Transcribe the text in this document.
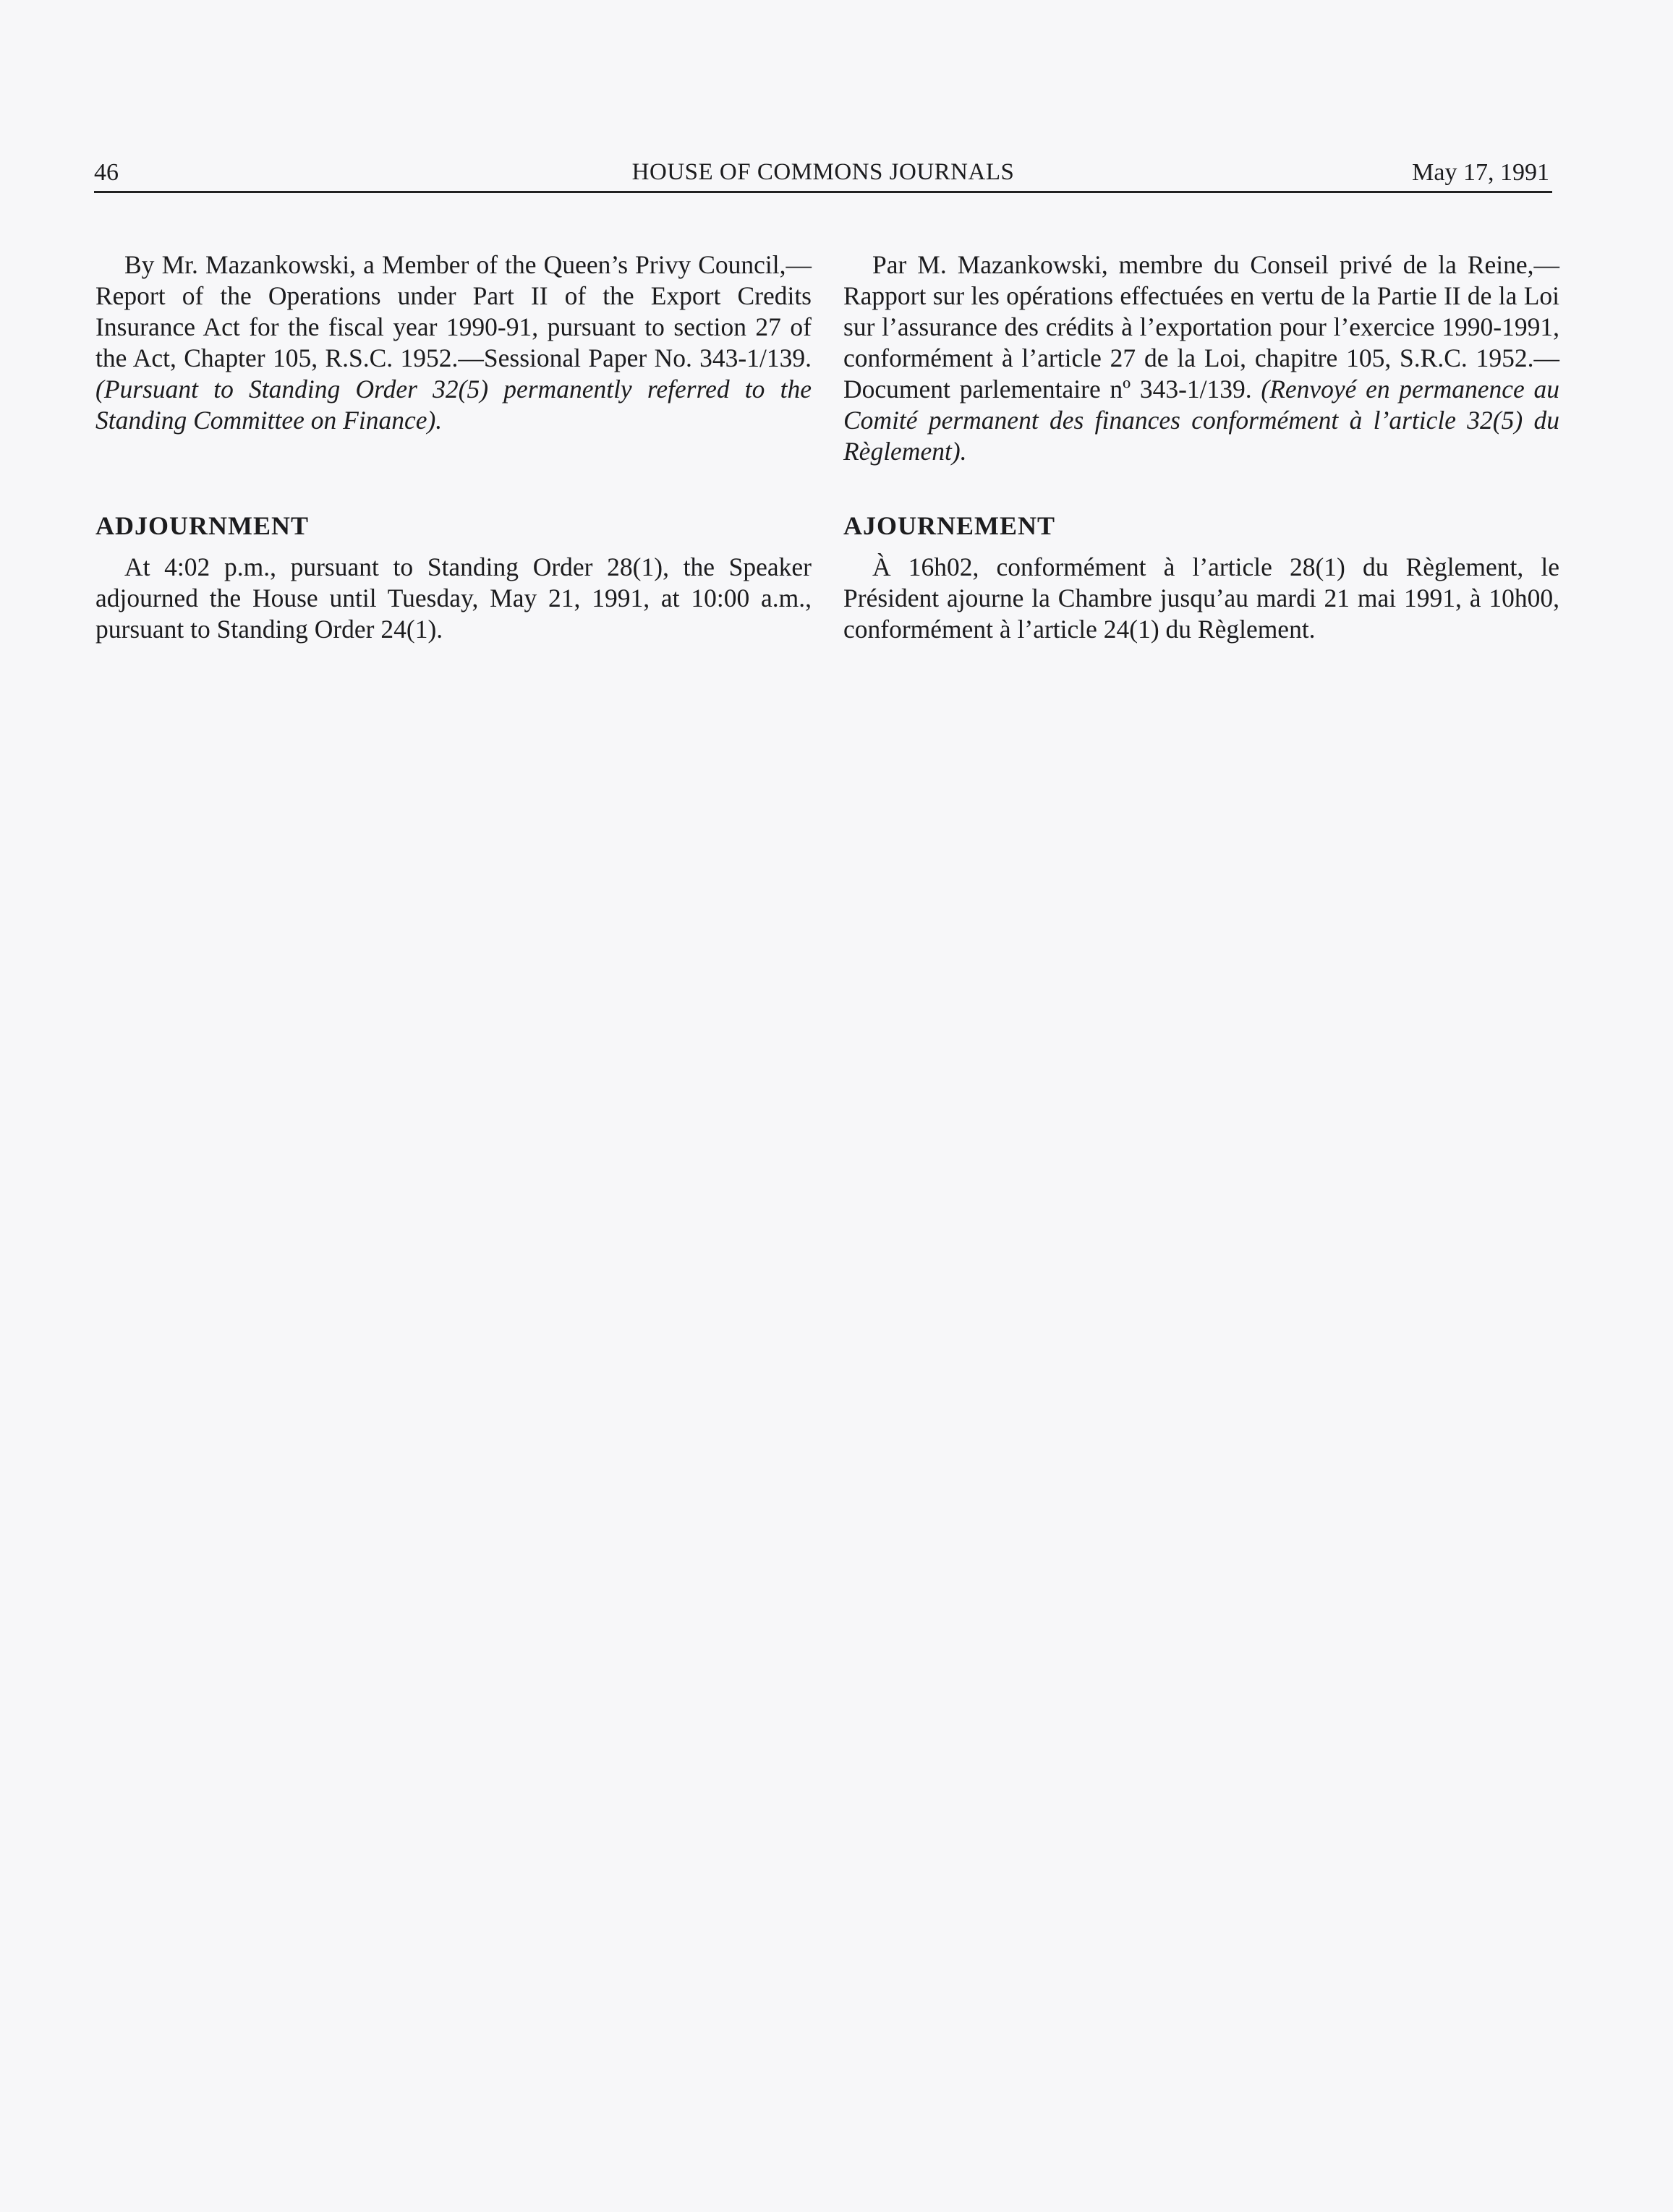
46	HOUSE OF COMMONS JOURNALS	May 17, 1991

By Mr. Mazankowski, a Member of the Queen’s Privy Council,—Report of the Operations under Part II of the Export Credits Insurance Act for the fiscal year 1990-91, pursuant to section 27 of the Act, Chapter 105, R.S.C. 1952.—Sessional Paper No. 343-1/139. (Pursuant to Standing Order 32(5) permanently referred to the Standing Committee on Finance).

ADJOURNMENT

At 4:02 p.m., pursuant to Standing Order 28(1), the Speaker adjourned the House until Tuesday, May 21, 1991, at 10:00 a.m., pursuant to Standing Order 24(1).

Par M. Mazankowski, membre du Conseil privé de la Reine,—Rapport sur les opérations effectuées en vertu de la Partie II de la Loi sur l’assurance des crédits à l’exportation pour l’exercice 1990-1991, conformément à l’article 27 de la Loi, chapitre 105, S.R.C. 1952.—Document parlementaire nº 343-1/139. (Renvoyé en permanence au Comité permanent des finances conformément à l’article 32(5) du Règlement).

AJOURNEMENT

À 16h02, conformément à l’article 28(1) du Règlement, le Président ajourne la Chambre jusqu’au mardi 21 mai 1991, à 10h00, conformément à l’article 24(1) du Règlement.
